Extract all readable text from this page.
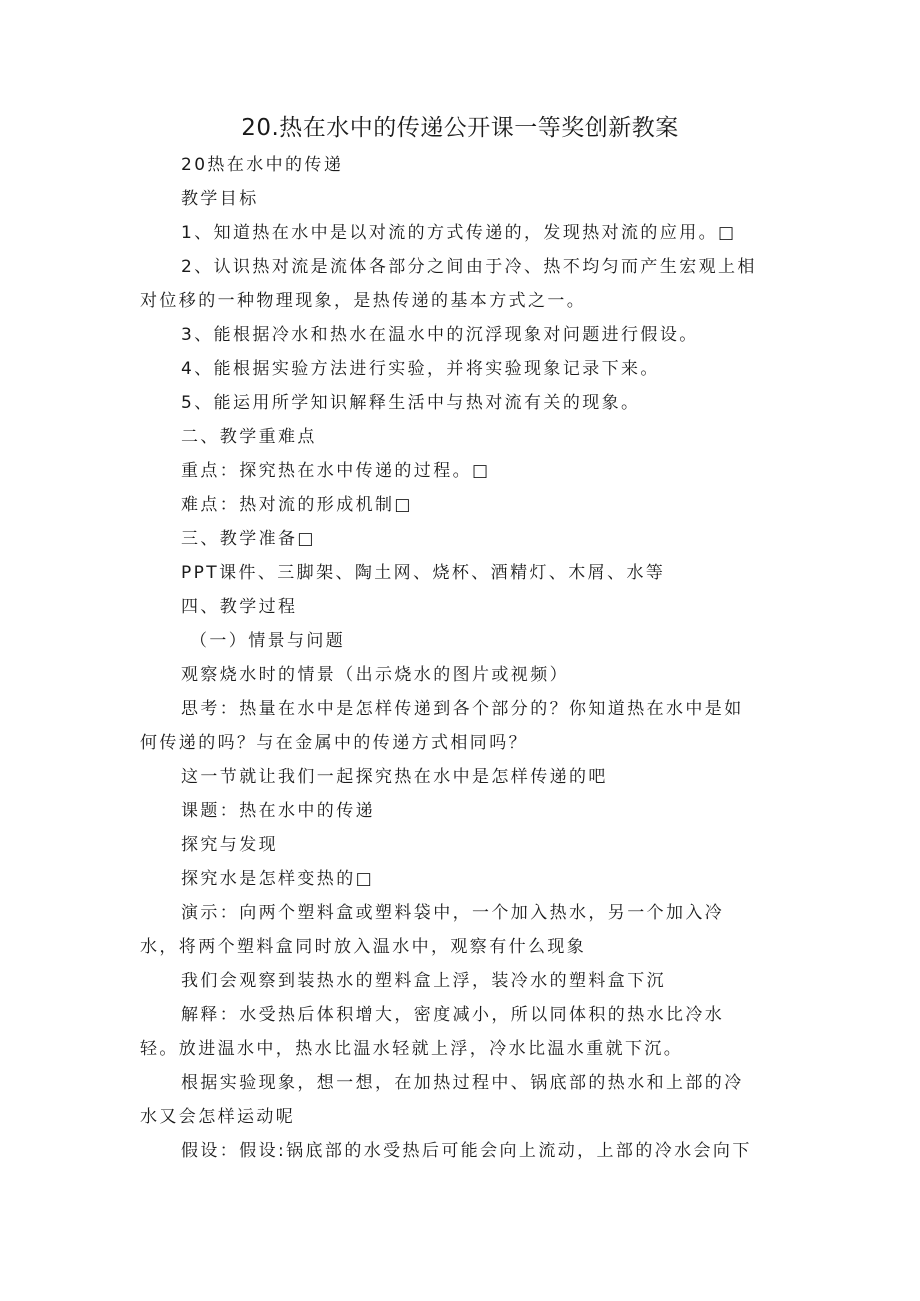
20.热在水中的传递公开课一等奖创新教案
20热在水中的传递
教学目标
1、知道热在水中是以对流的方式传递的，发现热对流的应用。□
2、认识热对流是流体各部分之间由于冷、热不均匀而产生宏观上相
对位移的一种物理现象，是热传递的基本方式之一。
3、能根据冷水和热水在温水中的沉浮现象对问题进行假设。
4、能根据实验方法进行实验，并将实验现象记录下来。
5、能运用所学知识解释生活中与热对流有关的现象。
二、教学重难点
重点：探究热在水中传递的过程。□
难点：热对流的形成机制□
三、教学准备□
PPT课件、三脚架、陶土网、烧杯、酒精灯、木屑、水等
四、教学过程
（一）情景与问题
观察烧水时的情景（出示烧水的图片或视频）
思考：热量在水中是怎样传递到各个部分的？你知道热在水中是如
何传递的吗？与在金属中的传递方式相同吗？
这一节就让我们一起探究热在水中是怎样传递的吧
课题：热在水中的传递
探究与发现
探究水是怎样变热的□
演示：向两个塑料盒或塑料袋中，一个加入热水，另一个加入冷
水，将两个塑料盒同时放入温水中，观察有什么现象
我们会观察到装热水的塑料盒上浮，装冷水的塑料盒下沉
解释：水受热后体积增大，密度减小，所以同体积的热水比冷水
轻。放进温水中，热水比温水轻就上浮，冷水比温水重就下沉。
根据实验现象，想一想，在加热过程中、锅底部的热水和上部的冷
水又会怎样运动呢
假设：假设:锅底部的水受热后可能会向上流动，上部的冷水会向下
